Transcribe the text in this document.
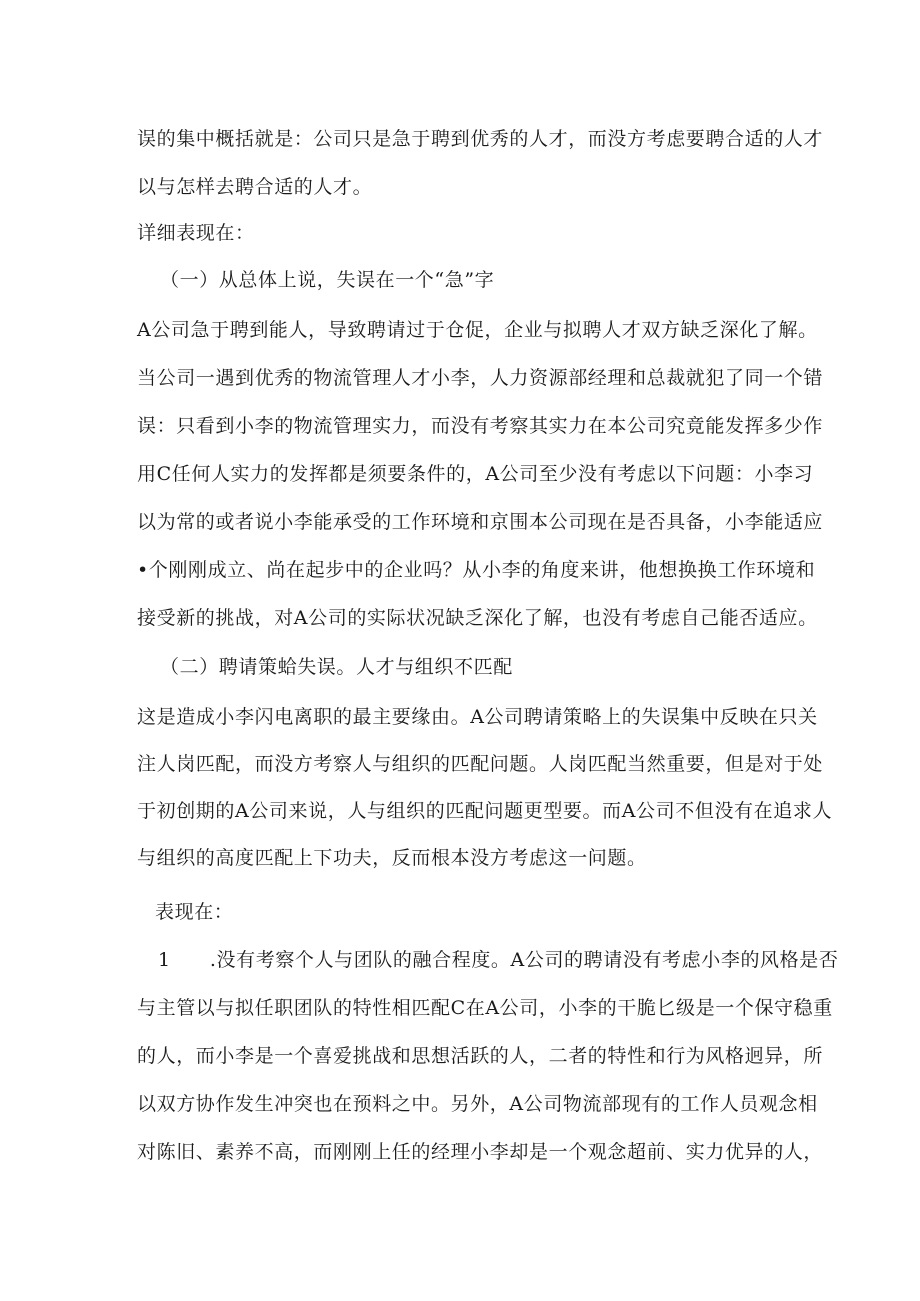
误的集中概括就是：公司只是急于聘到优秀的人才，而没方考虑要聘合适的人才
以与怎样去聘合适的人才。
详细表现在：
（一）从总体上说，失误在一个“急”字
A公司急于聘到能人，导致聘请过于仓促，企业与拟聘人才双方缺乏深化了解。
当公司一遇到优秀的物流管理人才小李，人力资源部经理和总裁就犯了同一个错
误：只看到小李的物流管理实力，而没有考察其实力在本公司究竟能发挥多少作
用C任何人实力的发挥都是须要条件的，A公司至少没有考虑以下问题：小李习
以为常的或者说小李能承受的工作环境和京围本公司现在是否具备，小李能适应
•个刚刚成立、尚在起步中的企业吗？从小李的角度来讲，他想换换工作环境和
接受新的挑战，对A公司的实际状况缺乏深化了解，也没有考虑自己能否适应。
（二）聘请策蛤失误。人才与组织不匹配
这是造成小李闪电离职的最主要缘由。A公司聘请策略上的失误集中反映在只关
注人岗匹配，而没方考察人与组织的匹配问题。人岗匹配当然重要，但是对于处
于初创期的A公司来说，人与组织的匹配问题更型要。而A公司不但没有在追求人
与组织的高度匹配上下功夫，反而根本没方考虑这一问题。
表现在：
1　　.没有考察个人与团队的融合程度。A公司的聘请没有考虑小李的风格是否
与主管以与拟任职团队的特性相匹配C在A公司，小李的干脆匕级是一个保守稳重
的人，而小李是一个喜爱挑战和思想活跃的人，二者的特性和行为风格迥异，所
以双方协作发生冲突也在预料之中。另外，A公司物流部现有的工作人员观念相
对陈旧、素养不高，而刚刚上任的经理小李却是一个观念超前、实力优异的人，
